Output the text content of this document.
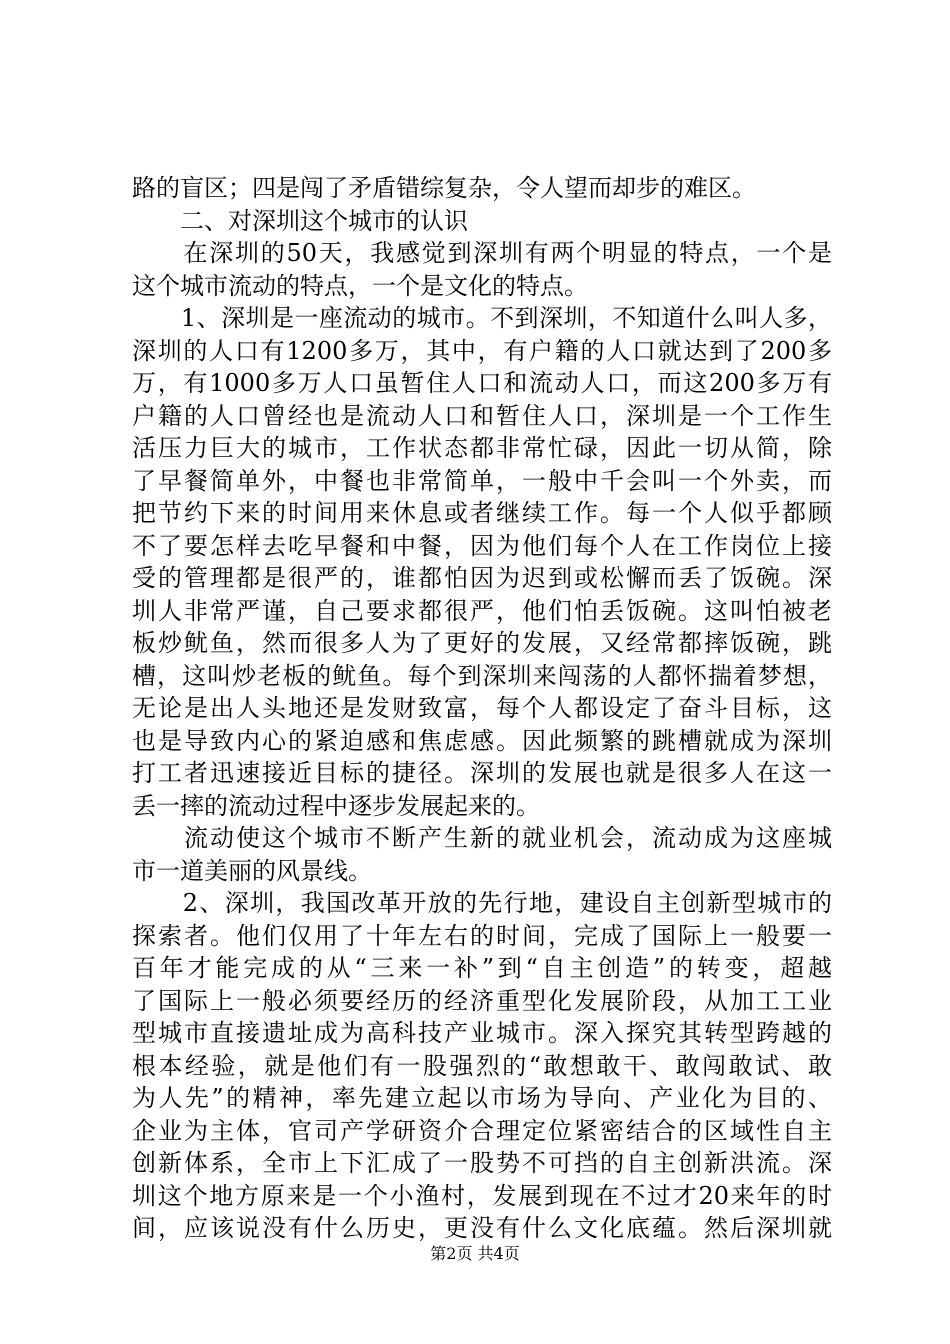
路的盲区；四是闯了矛盾错综复杂，令人望而却步的难区。
　　二、对深圳这个城市的认识
　　在深圳的50天，我感觉到深圳有两个明显的特点，一个是
这个城市流动的特点，一个是文化的特点。
　　1、深圳是一座流动的城市。不到深圳，不知道什么叫人多，
深圳的人口有1200多万，其中，有户籍的人口就达到了200多
万，有1000多万人口虽暂住人口和流动人口，而这200多万有
户籍的人口曾经也是流动人口和暂住人口，深圳是一个工作生
活压力巨大的城市，工作状态都非常忙碌，因此一切从简，除
了早餐简单外，中餐也非常简单，一般中千会叫一个外卖，而
把节约下来的时间用来休息或者继续工作。每一个人似乎都顾
不了要怎样去吃早餐和中餐，因为他们每个人在工作岗位上接
受的管理都是很严的，谁都怕因为迟到或松懈而丢了饭碗。深
圳人非常严谨，自己要求都很严，他们怕丢饭碗。这叫怕被老
板炒鱿鱼，然而很多人为了更好的发展，又经常都摔饭碗，跳
槽，这叫炒老板的鱿鱼。每个到深圳来闯荡的人都怀揣着梦想，
无论是出人头地还是发财致富，每个人都设定了奋斗目标，这
也是导致内心的紧迫感和焦虑感。因此频繁的跳槽就成为深圳
打工者迅速接近目标的捷径。深圳的发展也就是很多人在这一
丢一摔的流动过程中逐步发展起来的。
　　流动使这个城市不断产生新的就业机会，流动成为这座城
市一道美丽的风景线。
　　2、深圳，我国改革开放的先行地，建设自主创新型城市的
探索者。他们仅用了十年左右的时间，完成了国际上一般要一
百年才能完成的从“三来一补”到“自主创造”的转变，超越
了国际上一般必须要经历的经济重型化发展阶段，从加工工业
型城市直接遗址成为高科技产业城市。深入探究其转型跨越的
根本经验，就是他们有一股强烈的“敢想敢干、敢闯敢试、敢
为人先”的精神，率先建立起以市场为导向、产业化为目的、
企业为主体，官司产学研资介合理定位紧密结合的区域性自主
创新体系，全市上下汇成了一股势不可挡的自主创新洪流。深
圳这个地方原来是一个小渔村，发展到现在不过才20来年的时
间，应该说没有什么历史，更没有什么文化底蕴。然后深圳就
第2页 共4页
